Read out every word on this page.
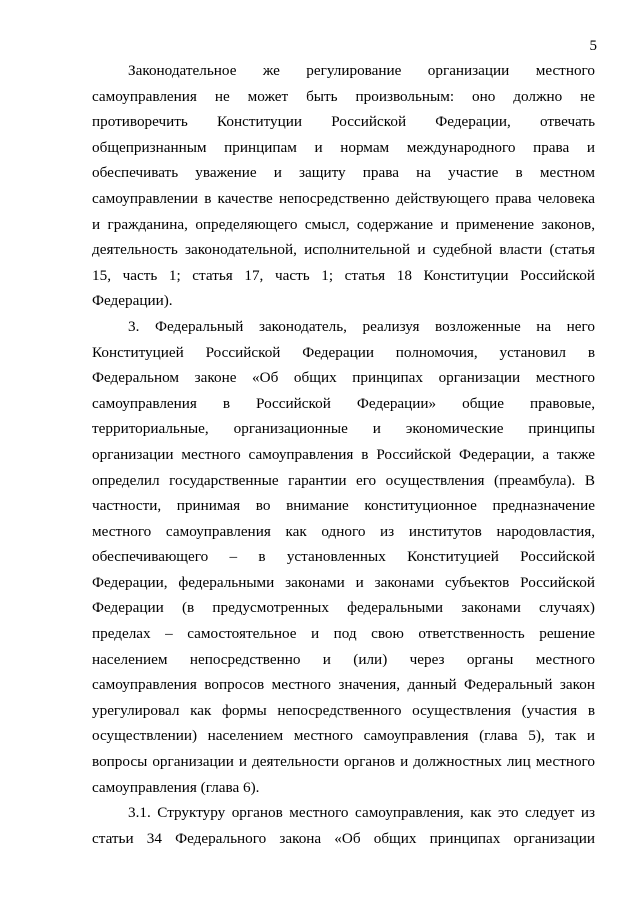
5
Законодательное же регулирование организации местного
самоуправления не может быть произвольным: оно должно не
противоречить Конституции Российской Федерации, отвечать
общепризнанным принципам и нормам международного права и
обеспечивать уважение и защиту права на участие в местном
самоуправлении в качестве непосредственно действующего права человека
и гражданина, определяющего смысл, содержание и применение законов,
деятельность законодательной, исполнительной и судебной власти (статья
15, часть 1; статья 17, часть 1; статья 18 Конституции Российской
Федерации).
3. Федеральный законодатель, реализуя возложенные на него
Конституцией Российской Федерации полномочия, установил в
Федеральном законе «Об общих принципах организации местного
самоуправления в Российской Федерации» общие правовые,
территориальные, организационные и экономические принципы
организации местного самоуправления в Российской Федерации, а также
определил государственные гарантии его осуществления (преамбула). В
частности, принимая во внимание конституционное предназначение
местного самоуправления как одного из институтов народовластия,
обеспечивающего – в установленных Конституцией Российской
Федерации, федеральными законами и законами субъектов Российской
Федерации (в предусмотренных федеральными законами случаях)
пределах – самостоятельное и под свою ответственность решение
населением непосредственно и (или) через органы местного
самоуправления вопросов местного значения, данный Федеральный закон
урегулировал как формы непосредственного осуществления (участия в
осуществлении) населением местного самоуправления (глава 5), так и
вопросы организации и деятельности органов и должностных лиц местного
самоуправления (глава 6).
3.1. Структуру органов местного самоуправления, как это следует из
статьи 34 Федерального закона «Об общих принципах организации
